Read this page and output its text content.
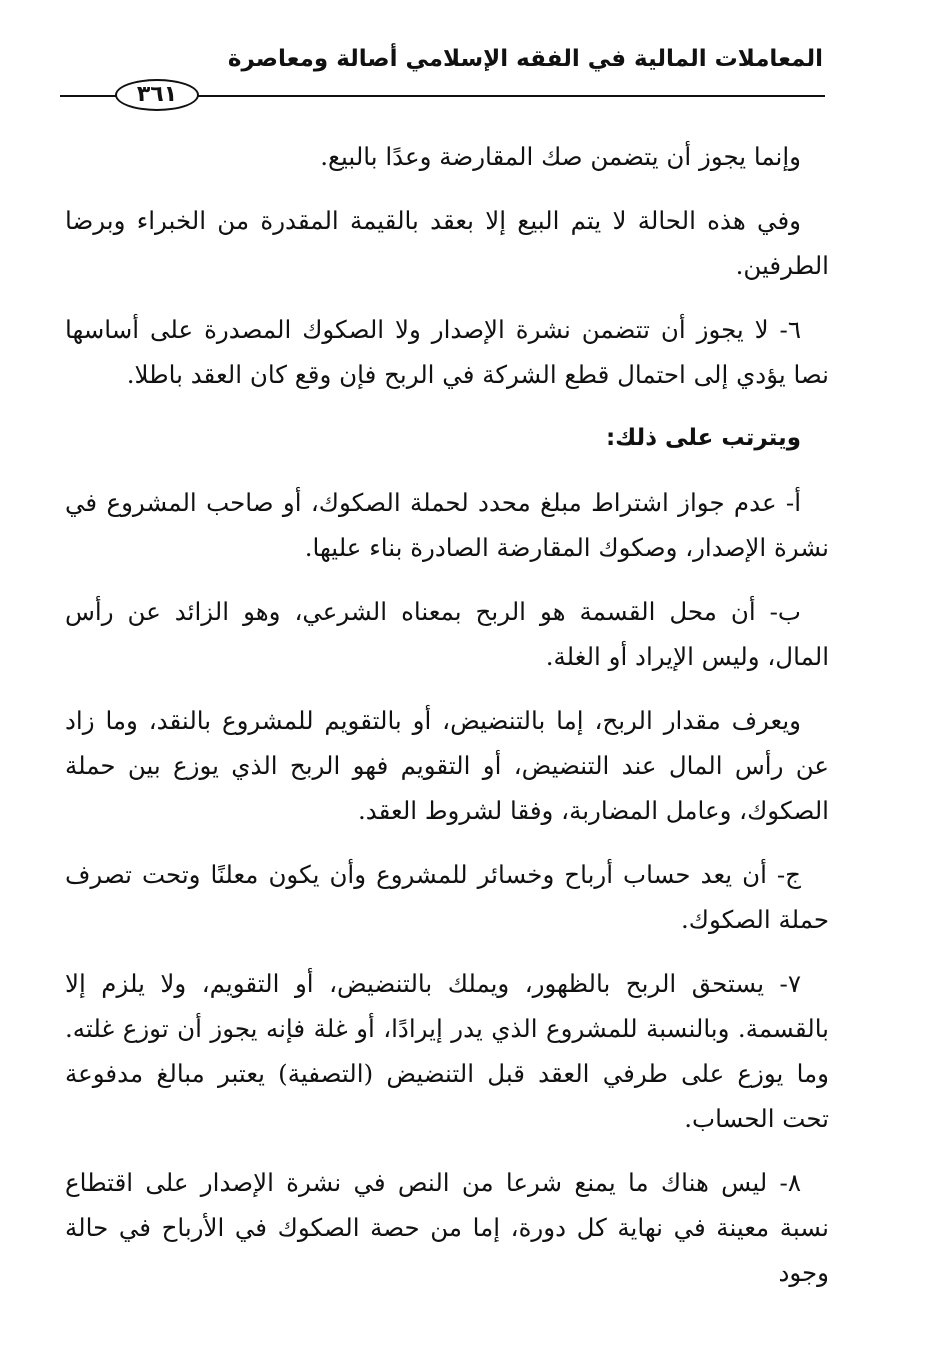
المعاملات المالية في الفقه الإسلامي أصالة ومعاصرة
٣٦١

وإنما يجوز أن يتضمن صك المقارضة وعدًا بالبيع.

وفي هذه الحالة لا يتم البيع إلا بعقد بالقيمة المقدرة من الخبراء وبرضا الطرفين.

٦- لا يجوز أن تتضمن نشرة الإصدار ولا الصكوك المصدرة على أساسها نصا يؤدي إلى احتمال قطع الشركة في الربح فإن وقع كان العقد باطلا.

ويترتب على ذلك:

أ- عدم جواز اشتراط مبلغ محدد لحملة الصكوك، أو صاحب المشروع في نشرة الإصدار، وصكوك المقارضة الصادرة بناء عليها.

ب- أن محل القسمة هو الربح بمعناه الشرعي، وهو الزائد عن رأس المال، وليس الإيراد أو الغلة.

ويعرف مقدار الربح، إما بالتنضيض، أو بالتقويم للمشروع بالنقد، وما زاد عن رأس المال عند التنضيض، أو التقويم فهو الربح الذي يوزع بين حملة الصكوك، وعامل المضاربة، وفقا لشروط العقد.

ج- أن يعد حساب أرباح وخسائر للمشروع وأن يكون معلنًا وتحت تصرف حملة الصكوك.

٧- يستحق الربح بالظهور، ويملك بالتنضيض، أو التقويم، ولا يلزم إلا بالقسمة. وبالنسبة للمشروع الذي يدر إيرادًا، أو غلة فإنه يجوز أن توزع غلته. وما يوزع على طرفي العقد قبل التنضيض (التصفية) يعتبر مبالغ مدفوعة تحت الحساب.

٨- ليس هناك ما يمنع شرعا من النص في نشرة الإصدار على اقتطاع نسبة معينة في نهاية كل دورة، إما من حصة الصكوك في الأرباح في حالة وجود
